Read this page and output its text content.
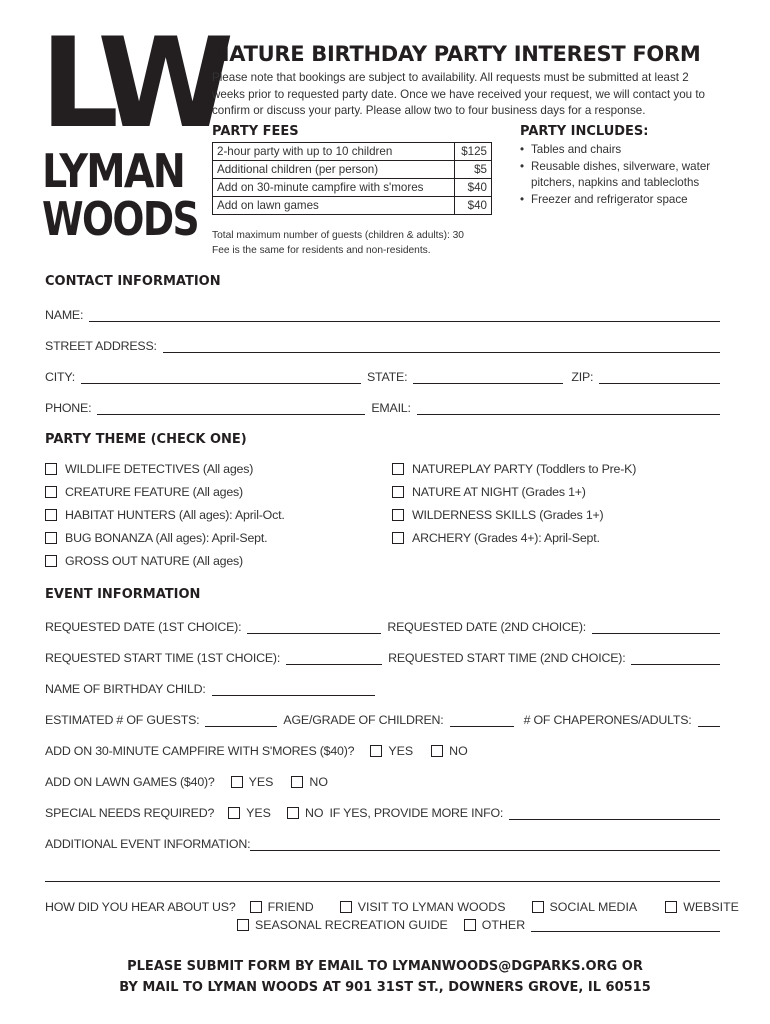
LW
LYMAN
WOODS
NATURE BIRTHDAY PARTY INTEREST FORM
Please note that bookings are subject to availability. All requests must be submitted at least 2 weeks prior to requested party date. Once we have received your request, we will contact you to confirm or discuss your party. Please allow two to four business days for a response.
PARTY FEES
2-hour party with up to 10 children	$125
Additional children (per person)	$5
Add on 30-minute campfire with s'mores	$40
Add on lawn games	$40
Total maximum number of guests (children & adults): 30
Fee is the same for residents and non-residents.
PARTY INCLUDES:
• Tables and chairs
• Reusable dishes, silverware, water pitchers, napkins and tablecloths
• Freezer and refrigerator space
CONTACT INFORMATION
NAME:
STREET ADDRESS:
CITY:	STATE:	ZIP:
PHONE:	EMAIL:
PARTY THEME (CHECK ONE)
WILDLIFE DETECTIVES (All ages)
CREATURE FEATURE (All ages)
HABITAT HUNTERS (All ages): April-Oct.
BUG BONANZA (All ages): April-Sept.
GROSS OUT NATURE (All ages)
NATUREPLAY PARTY (Toddlers to Pre-K)
NATURE AT NIGHT (Grades 1+)
WILDERNESS SKILLS (Grades 1+)
ARCHERY (Grades 4+): April-Sept.
EVENT INFORMATION
REQUESTED DATE (1ST CHOICE):	REQUESTED DATE (2ND CHOICE):
REQUESTED START TIME (1ST CHOICE):	REQUESTED START TIME (2ND CHOICE):
NAME OF BIRTHDAY CHILD:
ESTIMATED # OF GUESTS:	AGE/GRADE OF CHILDREN:	# OF CHAPERONES/ADULTS:
ADD ON 30-MINUTE CAMPFIRE WITH S'MORES ($40)?	YES	NO
ADD ON LAWN GAMES ($40)?	YES	NO
SPECIAL NEEDS REQUIRED?	YES	NO IF YES, PROVIDE MORE INFO:
ADDITIONAL EVENT INFORMATION:
HOW DID YOU HEAR ABOUT US?	FRIEND	VISIT TO LYMAN WOODS	SOCIAL MEDIA	WEBSITE
SEASONAL RECREATION GUIDE	OTHER
PLEASE SUBMIT FORM BY EMAIL TO LYMANWOODS@DGPARKS.ORG OR
BY MAIL TO LYMAN WOODS AT 901 31ST ST., DOWNERS GROVE, IL 60515
